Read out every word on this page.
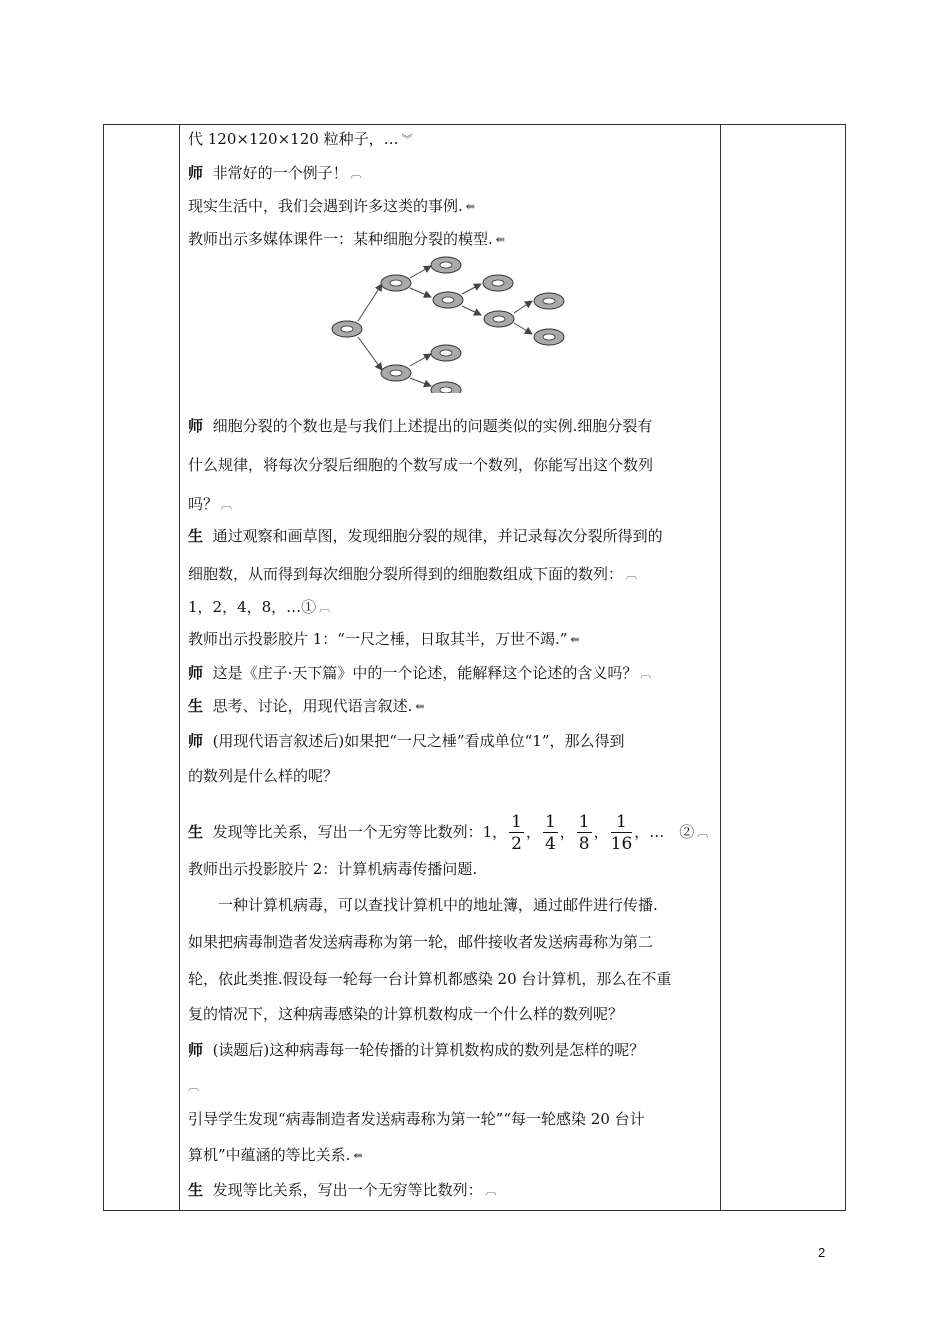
代 120×120×120 粒种子，… ︾
师 非常好的一个例子！ ︹
现实生活中，我们会遇到许多这类的事例. ⇚
教师出示多媒体课件一：某种细胞分裂的模型. ⇚
师 细胞分裂的个数也是与我们上述提出的问题类似的实例.细胞分裂有
什么规律，将每次分裂后细胞的个数写成一个数列，你能写出这个数列
吗？ ︹
生 通过观察和画草图，发现细胞分裂的规律，并记录每次分裂所得到的
细胞数，从而得到每次细胞分裂所得到的细胞数组成下面的数列： ︹
1，2，4，8，…① ︹
教师出示投影胶片 1：“一尺之棰，日取其半，万世不竭.” ⇚
师 这是《庄子·天下篇》中的一个论述，能解释这个论述的含义吗？ ︹
生 思考、讨论，用现代语言叙述. ⇚
师 (用现代语言叙述后)如果把“一尺之棰”看成单位“1”，那么得到
的数列是什么样的呢？
生 发现等比关系，写出一个无穷等比数列：1， $\frac{1}{2}$ ， $\frac{1}{4}$ ， $\frac{1}{8}$ ， $\frac{1}{16}$ ，…　② ︹
教师出示投影胶片 2：计算机病毒传播问题.
一种计算机病毒，可以查找计算机中的地址簿，通过邮件进行传播.
如果把病毒制造者发送病毒称为第一轮，邮件接收者发送病毒称为第二
轮，依此类推.假设每一轮每一台计算机都感染 20 台计算机，那么在不重
复的情况下，这种病毒感染的计算机数构成一个什么样的数列呢？
师 (读题后)这种病毒每一轮传播的计算机数构成的数列是怎样的呢？
︹
引导学生发现“病毒制造者发送病毒称为第一轮”“每一轮感染 20 台计
算机”中蕴涵的等比关系. ⇚
生 发现等比关系，写出一个无穷等比数列： ︹
2
